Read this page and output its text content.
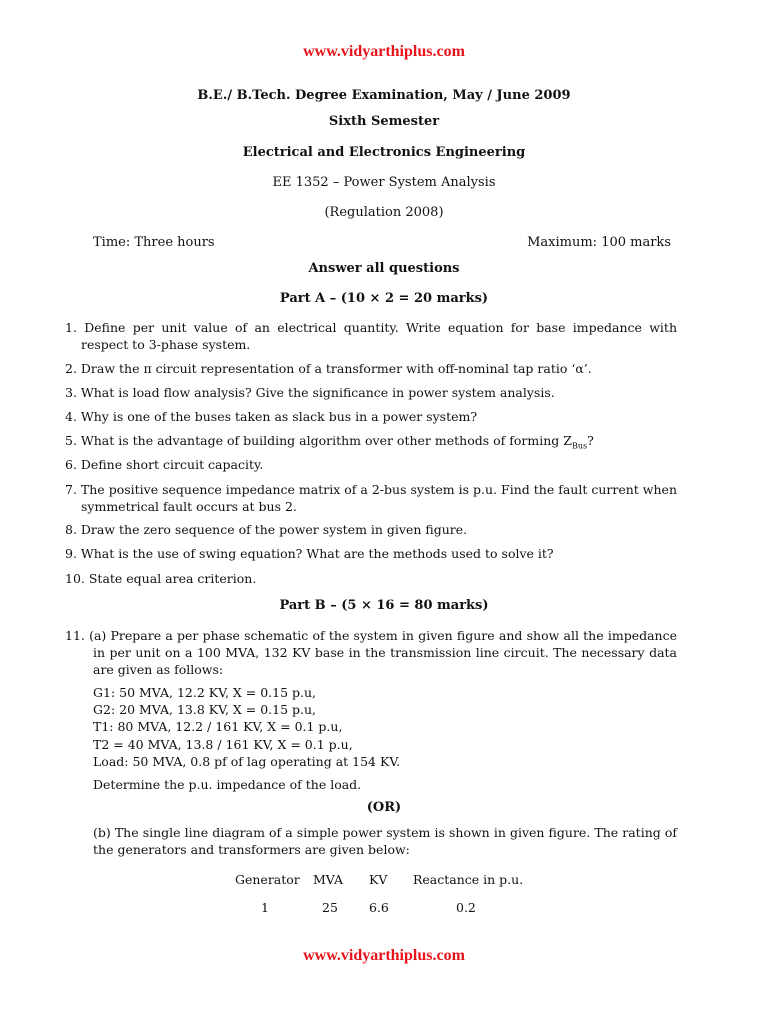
www.vidyarthiplus.com
B.E./ B.Tech. Degree Examination, May / June 2009
Sixth Semester
Electrical and Electronics Engineering
EE 1352 – Power System Analysis
(Regulation 2008)
Time: Three hours	Maximum: 100 marks
Answer all questions
Part A – (10 × 2 = 20 marks)
1. Define per unit value of an electrical quantity. Write equation for base impedance with respect to 3-phase system.
2. Draw the π circuit representation of a transformer with off-nominal tap ratio ‘α’.
3. What is load flow analysis? Give the significance in power system analysis.
4. Why is one of the buses taken as slack bus in a power system?
5. What is the advantage of building algorithm over other methods of forming $Z_{Bus}$?
6. Define short circuit capacity.
7. The positive sequence impedance matrix of a 2-bus system is p.u. Find the fault current when symmetrical fault occurs at bus 2.
8. Draw the zero sequence of the power system in given figure.
9. What is the use of swing equation? What are the methods used to solve it?
10. State equal area criterion.
Part B – (5 × 16 = 80 marks)
11. (a) Prepare a per phase schematic of the system in given figure and show all the impedance in per unit on a 100 MVA, 132 KV base in the transmission line circuit. The necessary data are given as follows:
G1: 50 MVA, 12.2 KV, X = 0.15 p.u,
G2: 20 MVA, 13.8 KV, X = 0.15 p.u,
T1: 80 MVA, 12.2 / 161 KV, X = 0.1 p.u,
T2 = 40 MVA, 13.8 / 161 KV, X = 0.1 p.u,
Load: 50 MVA, 0.8 pf of lag operating at 154 KV.
Determine the p.u. impedance of the load.
(OR)
(b) The single line diagram of a simple power system is shown in given figure. The rating of the generators and transformers are given below:
Generator MVA KV Reactance in p.u.
1	25 6.6	0.2
www.vidyarthiplus.com
